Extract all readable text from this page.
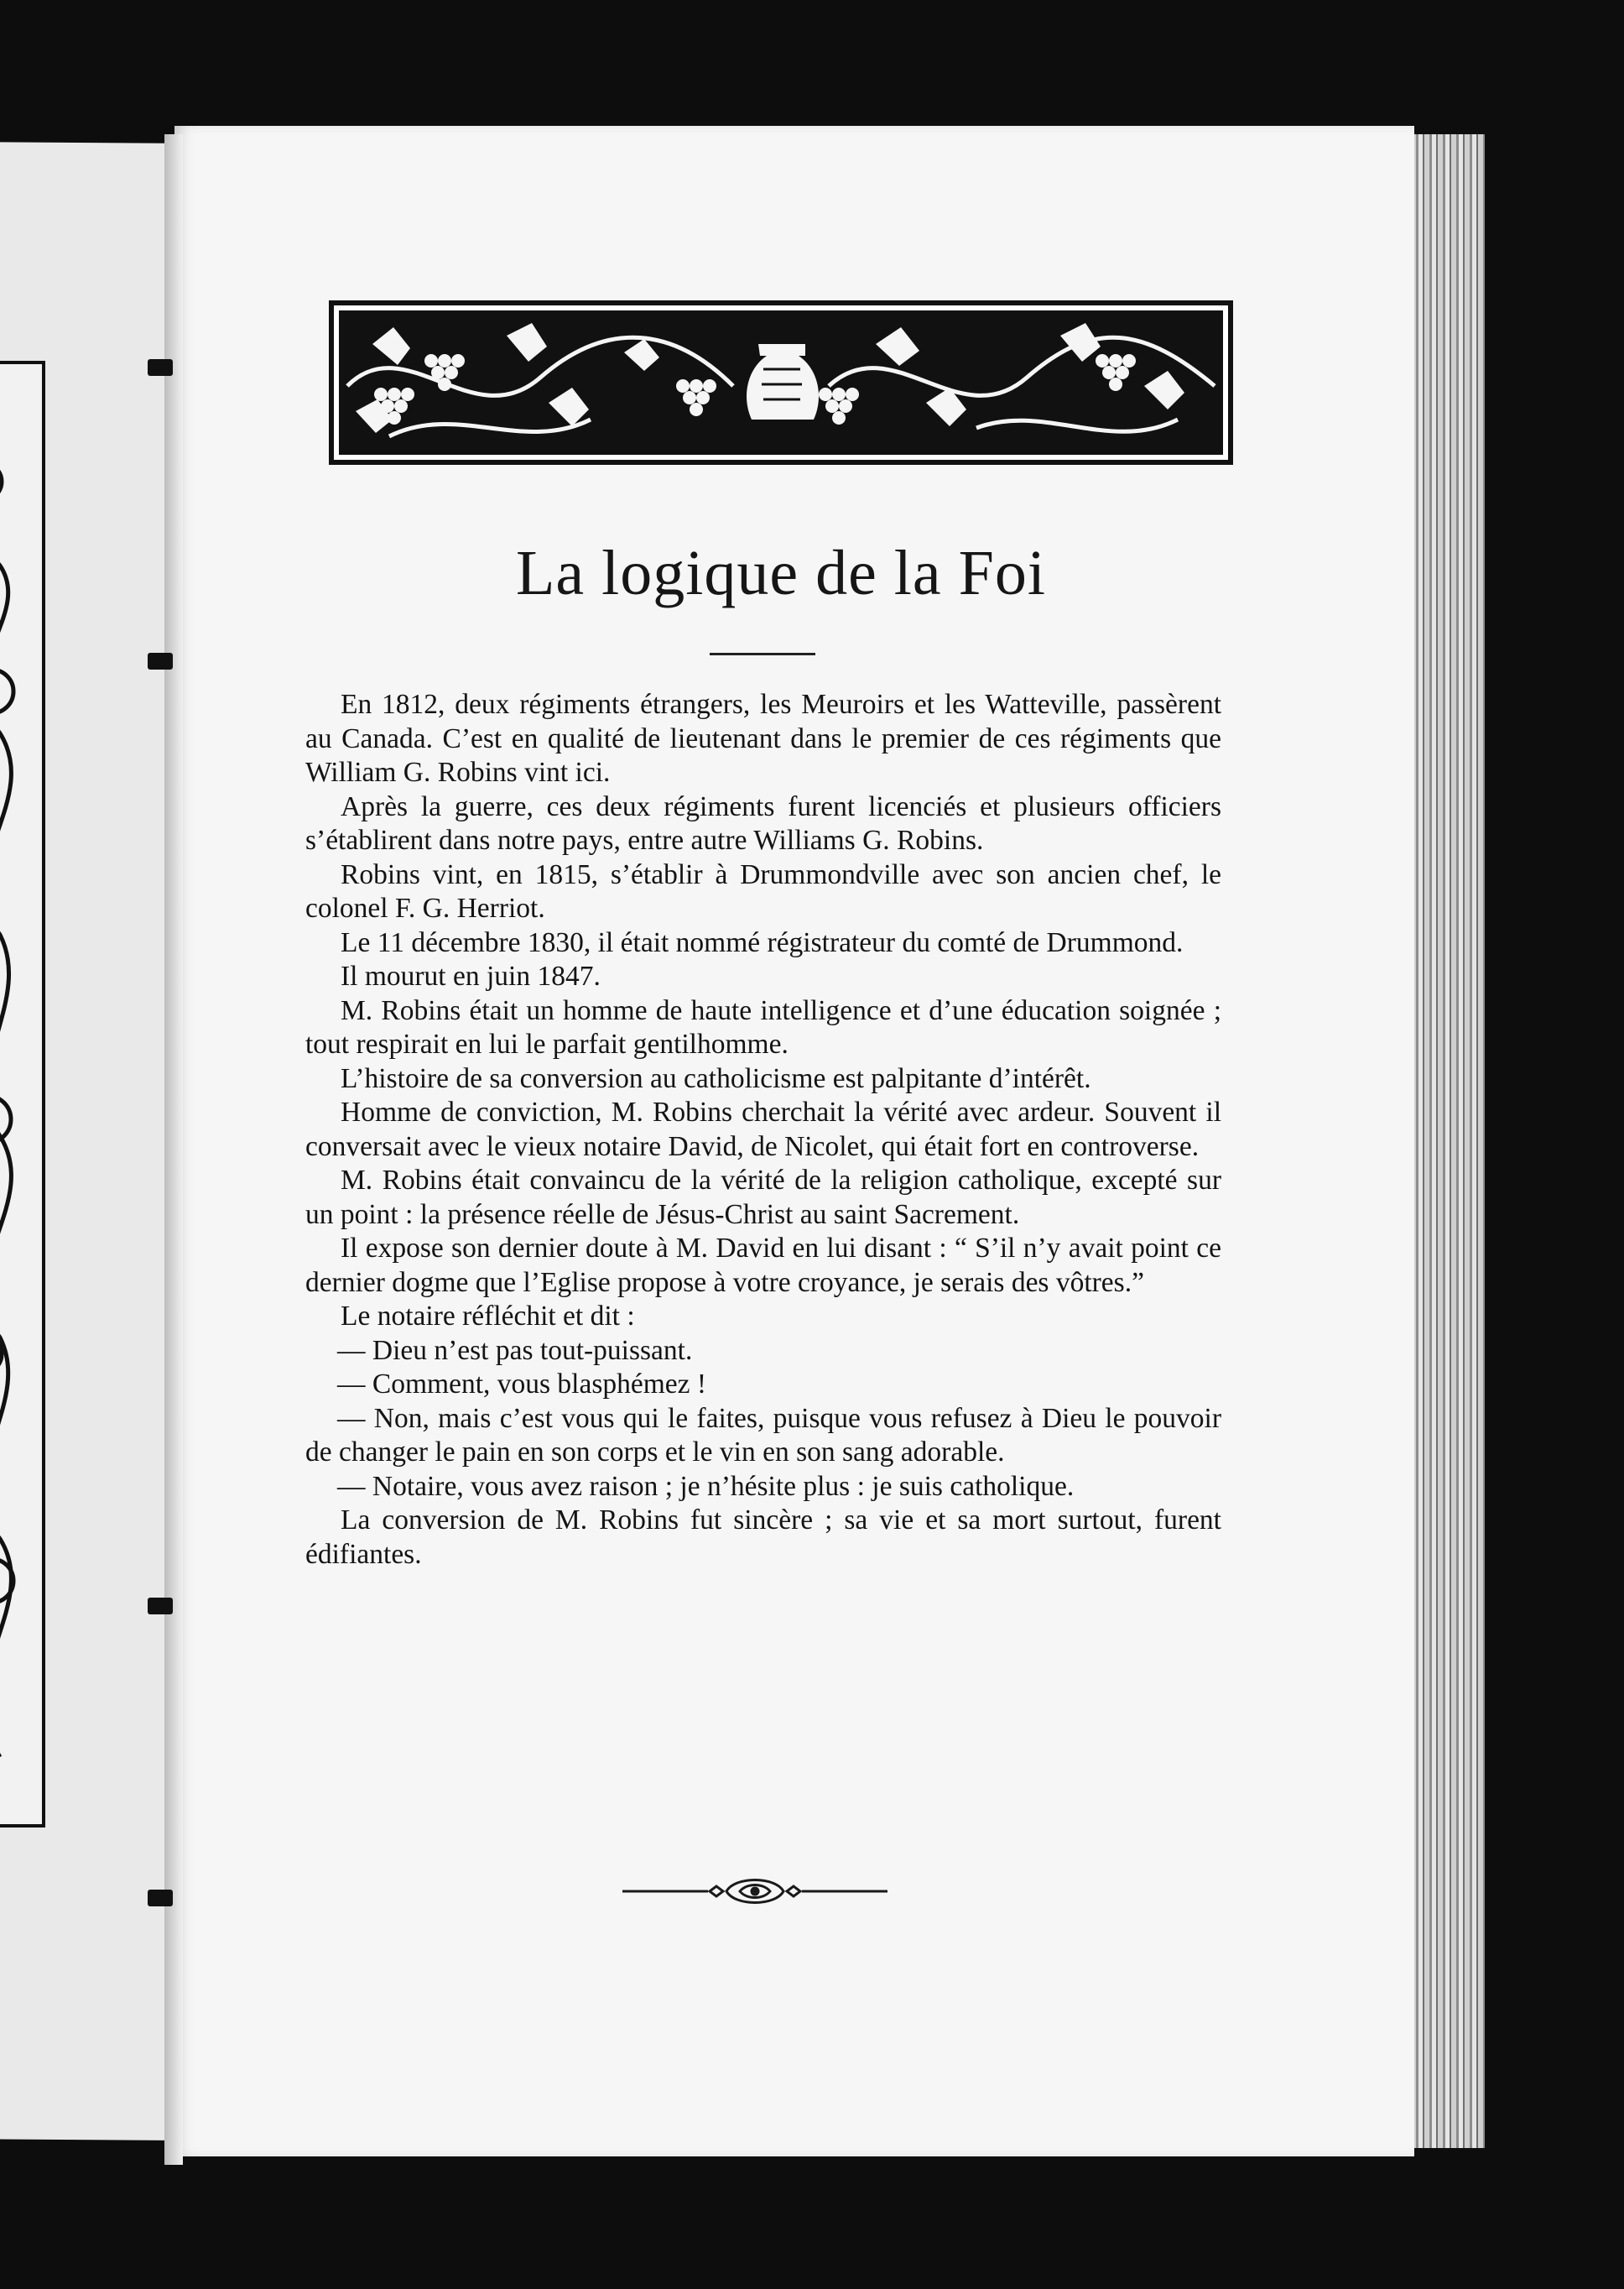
La logique de la Foi

En 1812, deux régiments étrangers, les Meuroirs et les Watteville, passèrent au Canada. C’est en qualité de lieutenant dans le premier de ces régiments que William G. Robins vint ici.

Après la guerre, ces deux régiments furent licenciés et plusieurs officiers s’établirent dans notre pays, entre autre Williams G. Robins.

Robins vint, en 1815, s’établir à Drummondville avec son ancien chef, le colonel F. G. Herriot.

Le 11 décembre 1830, il était nommé régistrateur du comté de Drummond.

Il mourut en juin 1847.

M. Robins était un homme de haute intelligence et d’une éducation soignée ; tout respirait en lui le parfait gentilhomme.

L’histoire de sa conversion au catholicisme est palpitante d’intérêt.

Homme de conviction, M. Robins cherchait la vérité avec ardeur. Souvent il conversait avec le vieux notaire David, de Nicolet, qui était fort en controverse.

M. Robins était convaincu de la vérité de la religion catholique, excepté sur un point : la présence réelle de Jésus-Christ au saint Sacrement.

Il expose son dernier doute à M. David en lui disant : “ S’il n’y avait point ce dernier dogme que l’Eglise propose à votre croyance, je serais des vôtres.”

Le notaire réfléchit et dit :

— Dieu n’est pas tout-puissant.

— Comment, vous blasphémez !

— Non, mais c’est vous qui le faites, puisque vous refusez à Dieu le pouvoir de changer le pain en son corps et le vin en son sang adorable.

— Notaire, vous avez raison ; je n’hésite plus : je suis catholique.

La conversion de M. Robins fut sincère ; sa vie et sa mort surtout, furent édifiantes.
